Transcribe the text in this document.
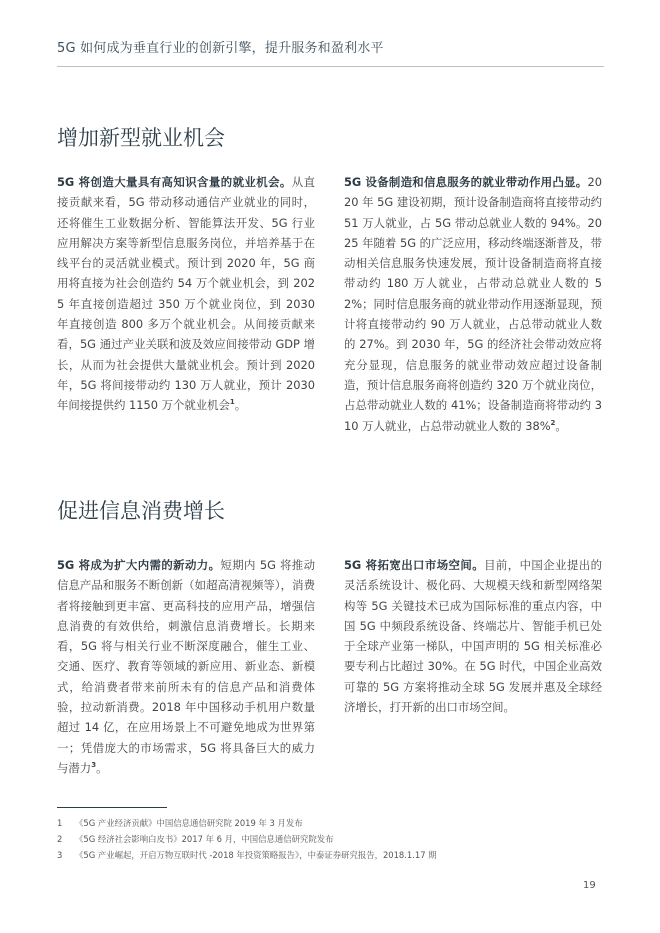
5G 如何成为垂直行业的创新引擎，提升服务和盈利水平
增加新型就业机会
5G 将创造大量具有高知识含量的就业机会。从直接贡献来看，5G 带动移动通信产业就业的同时，还将催生工业数据分析、智能算法开发、5G 行业应用解决方案等新型信息服务岗位，并培养基于在线平台的灵活就业模式。预计到 2020 年，5G 商用将直接为社会创造约 54 万个就业机会，到 2025 年直接创造超过 350 万个就业岗位，到 2030 年直接创造 800 多万个就业机会。从间接贡献来看，5G 通过产业关联和波及效应间接带动 GDP 增长，从而为社会提供大量就业机会。预计到 2020 年，5G 将间接带动约 130 万人就业，预计 2030 年间接提供约 1150 万个就业机会$^1$。
5G 设备制造和信息服务的就业带动作用凸显。2020 年 5G 建设初期，预计设备制造商将直接带动约 51 万人就业，占 5G 带动总就业人数的 94%。2025 年随着 5G 的广泛应用，移动终端逐渐普及，带动相关信息服务快速发展，预计设备制造商将直接带动约 180 万人就业，占带动总就业人数的 52%；同时信息服务商的就业带动作用逐渐显现，预计将直接带动约 90 万人就业，占总带动就业人数的 27%。到 2030 年，5G 的经济社会带动效应将充分显现，信息服务的就业带动效应超过设备制造，预计信息服务商将创造约 320 万个就业岗位，占总带动就业人数的 41%；设备制造商将带动约 310 万人就业，占总带动就业人数的 38%$^2$。
促进信息消费增长
5G 将成为扩大内需的新动力。短期内 5G 将推动信息产品和服务不断创新（如超高清视频等），消费者将接触到更丰富、更高科技的应用产品，增强信息消费的有效供给，刺激信息消费增长。长期来看，5G 将与相关行业不断深度融合，催生工业、交通、医疗、教育等领域的新应用、新业态、新模式，给消费者带来前所未有的信息产品和消费体验，拉动新消费。2018 年中国移动手机用户数量超过 14 亿，在应用场景上不可避免地成为世界第一；凭借庞大的市场需求，5G 将具备巨大的威力与潜力$^3$。
5G 将拓宽出口市场空间。目前，中国企业提出的灵活系统设计、极化码、大规模天线和新型网络架构等 5G 关键技术已成为国际标准的重点内容，中国 5G 中频段系统设备、终端芯片、智能手机已处于全球产业第一梯队，中国声明的 5G 相关标准必要专利占比超过 30%。在 5G 时代，中国企业高效可靠的 5G 方案将推动全球 5G 发展并惠及全球经济增长，打开新的出口市场空间。
1 《5G 产业经济贡献》中国信息通信研究院 2019 年 3 月发布
2 《5G 经济社会影响白皮书》2017 年 6 月，中国信息通信研究院发布
3 《5G 产业崛起，开启万物互联时代 -2018 年投资策略报告》，中泰证券研究报告，2018.1.17 期
19
